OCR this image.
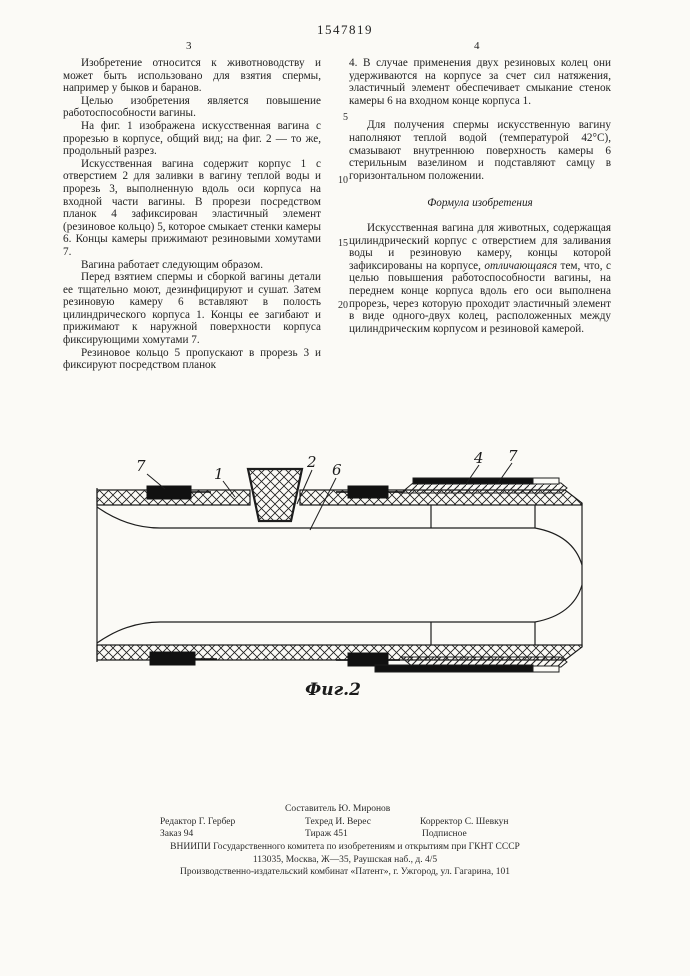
1547819
3	4

Изобретение относится к животноводству и может быть использовано для взятия спермы, например у быков и баранов.

Целью изобретения является повышение работоспособности вагины.

На фиг. 1 изображена искусственная вагина с прорезью в корпусе, общий вид; на фиг. 2 — то же, продольный разрез.

Искусственная вагина содержит корпус 1 с отверстием 2 для заливки в вагину теплой воды и прорезь 3, выполненную вдоль оси корпуса на входной части вагины. В прорези посредством планок 4 зафиксирован эластичный элемент (резиновое кольцо) 5, которое смыкает стенки камеры 6. Концы камеры прижимают резиновыми хомутами 7.

Вагина работает следующим образом.

Перед взятием спермы и сборкой вагины детали ее тщательно моют, дезинфицируют и сушат. Затем резиновую камеру 6 вставляют в полость цилиндрического корпуса 1. Концы ее загибают и прижимают к наружной поверхности корпуса фиксирующими хомутами 7.

Резиновое кольцо 5 пропускают в прорезь 3 и фиксируют посредством планок

5
10
15
20

4. В случае применения двух резиновых колец они удерживаются на корпусе за счет сил натяжения, эластичный элемент обеспечивает смыкание стенок камеры 6 на входном конце корпуса 1.

Для получения спермы искусственную вагину наполняют теплой водой (температурой 42°С), смазывают внутреннюю поверхность камеры 6 стерильным вазелином и подставляют самцу в горизонтальном положении.

Формула изобретения

Искусственная вагина для животных, содержащая цилиндрический корпус с отверстием для заливания воды и резиновую камеру, концы которой зафиксированы на корпусе, отличающаяся тем, что, с целью повышения работоспособности вагины, на переднем конце корпуса вдоль его оси выполнена прорезь, через которую проходит эластичный элемент в виде одного-двух колец, расположенных между цилиндрическим корпусом и резиновой камерой.

7	1
2 6
4 7
Фиг.2
Составитель Ю. Миронов
Редактор Г. Гербер	Техред И. Верес	Корректор С. Шевкун
Заказ 94	Тираж 451	Подписное
ВНИИПИ Государственного комитета по изобретениям и открытиям при ГКНТ СССР
113035, Москва, Ж—35, Раушская наб., д. 4/5
Производственно-издательский комбинат «Патент», г. Ужгород, ул. Гагарина, 101
